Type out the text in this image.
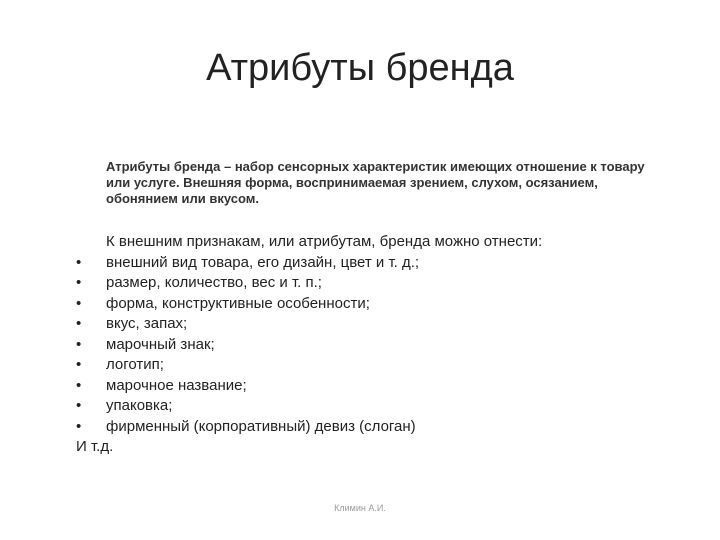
Атрибуты бренда

Атрибуты бренда – набор сенсорных характеристик имеющих отношение к товару или услуге. Внешняя форма, воспринимаемая зрением, слухом, осязанием, обонянием или вкусом.

К внешним признакам, или атрибутам, бренда можно отнести:

•	внешний вид товара, его дизайн, цвет и т. д.;
•	размер, количество, вес и т. п.;
•	форма, конструктивные особенности;
•	вкус, запах;
•	марочный знак;
•	логотип;
•	марочное название;
•	упаковка;
•	фирменный (корпоративный) девиз (слоган)

И т.д.

Климин А.И.
